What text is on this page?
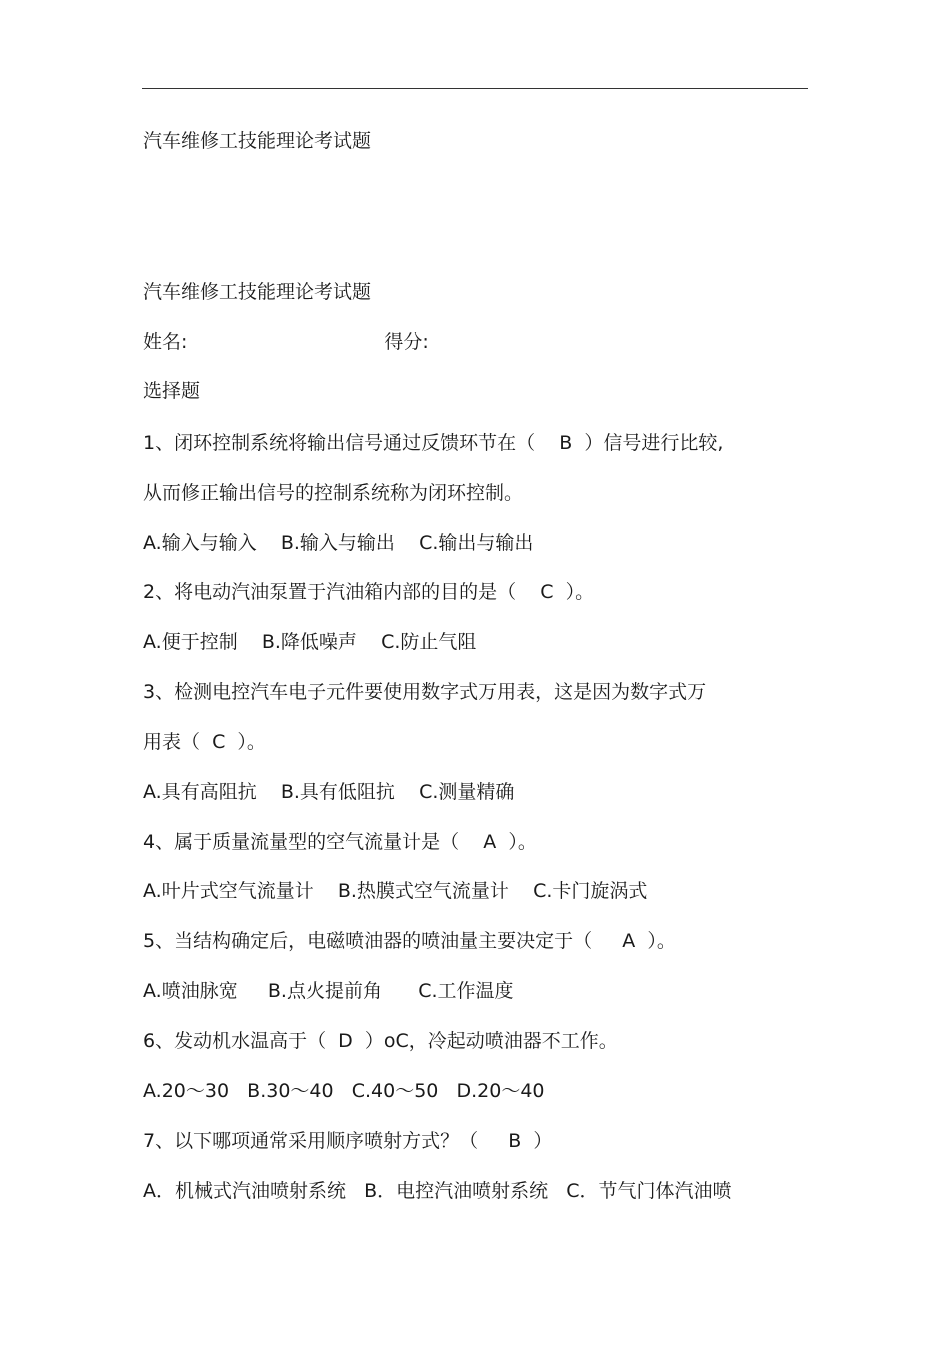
汽车维修工技能理论考试题
汽车维修工技能理论考试题
姓名:	得分:
选择题
1、闭环控制系统将输出信号通过反馈环节在（    B  ）信号进行比较,
从而修正输出信号的控制系统称为闭环控制。
A.输入与输入    B.输入与输出    C.输出与输出
2、将电动汽油泵置于汽油箱内部的目的是（    C  ）。
A.便于控制    B.降低噪声    C.防止气阻
3、检测电控汽车电子元件要使用数字式万用表，这是因为数字式万
用表（  C  ）。
A.具有高阻抗    B.具有低阻抗    C.测量精确
4、属于质量流量型的空气流量计是（    A  ）。
A.叶片式空气流量计    B.热膜式空气流量计    C.卡门旋涡式
5、当结构确定后，电磁喷油器的喷油量主要决定于（     A  ）。
A.喷油脉宽     B.点火提前角      C.工作温度
6、发动机水温高于（  D  ）oC，冷起动喷油器不工作。
A.20～30   B.30～40   C.40～50   D.20～40
7、以下哪项通常采用顺序喷射方式？（     B  ）
A．机械式汽油喷射系统   B．电控汽油喷射系统   C．节气门体汽油喷
